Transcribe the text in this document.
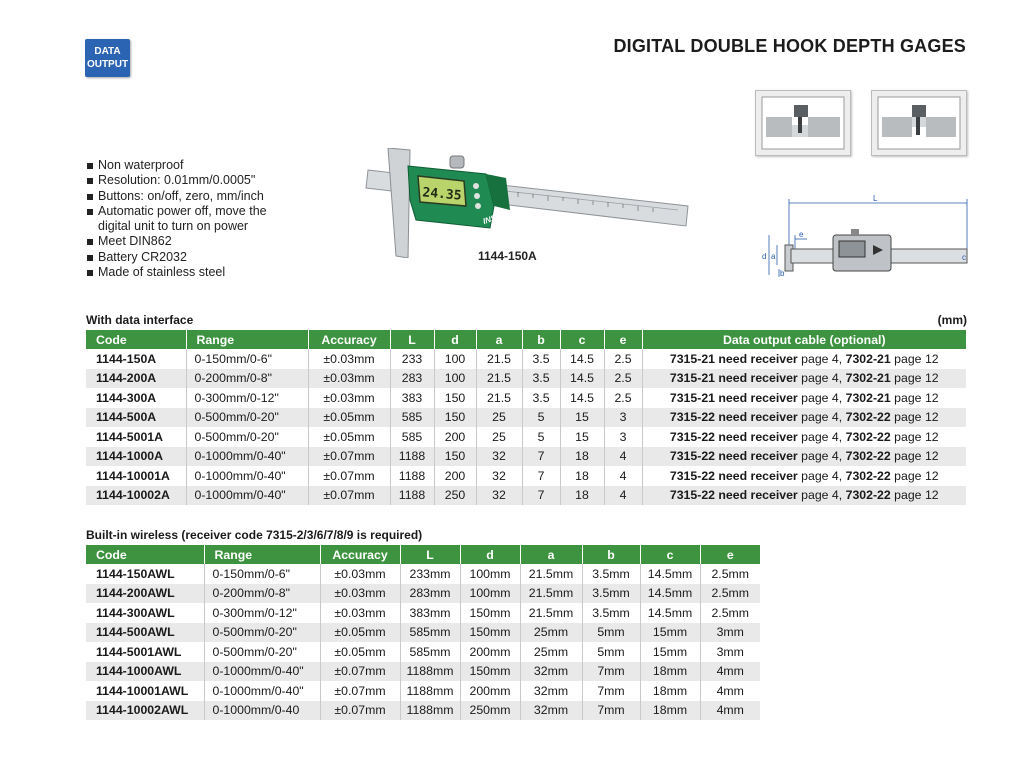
DATA
OUTPUT
DIGITAL DOUBLE HOOK DEPTH GAGES
Non waterproof
Resolution: 0.01mm/0.0005"
Buttons: on/off, zero, mm/inch
Automatic power off, move the digital unit to turn on power
Meet DIN862
Battery CR2032
Made of stainless steel
24.35
INSIZE
1144-150A
L
e
d a
b
c
With data interface	(mm)
Code	Range	Accuracy	L	d	a	b	c	e	Data output cable (optional)
1144-150A	0-150mm/0-6"	±0.03mm	233	100	21.5	3.5	14.5	2.5	7315-21 need receiver page 4, 7302-21 page 12
1144-200A	0-200mm/0-8"	±0.03mm	283	100	21.5	3.5	14.5	2.5	7315-21 need receiver page 4, 7302-21 page 12
1144-300A	0-300mm/0-12"	±0.03mm	383	150	21.5	3.5	14.5	2.5	7315-21 need receiver page 4, 7302-21 page 12
1144-500A	0-500mm/0-20"	±0.05mm	585	150	25	5	15	3	7315-22 need receiver page 4, 7302-22 page 12
1144-5001A	0-500mm/0-20"	±0.05mm	585	200	25	5	15	3	7315-22 need receiver page 4, 7302-22 page 12
1144-1000A	0-1000mm/0-40"	±0.07mm	1188	150	32	7	18	4	7315-22 need receiver page 4, 7302-22 page 12
1144-10001A	0-1000mm/0-40"	±0.07mm	1188	200	32	7	18	4	7315-22 need receiver page 4, 7302-22 page 12
1144-10002A	0-1000mm/0-40"	±0.07mm	1188	250	32	7	18	4	7315-22 need receiver page 4, 7302-22 page 12
Built-in wireless (receiver code 7315-2/3/6/7/8/9 is required)
Code	Range	Accuracy	L	d	a	b	c	e
1144-150AWL	0-150mm/0-6"	±0.03mm	233mm	100mm	21.5mm	3.5mm	14.5mm	2.5mm
1144-200AWL	0-200mm/0-8"	±0.03mm	283mm	100mm	21.5mm	3.5mm	14.5mm	2.5mm
1144-300AWL	0-300mm/0-12"	±0.03mm	383mm	150mm	21.5mm	3.5mm	14.5mm	2.5mm
1144-500AWL	0-500mm/0-20"	±0.05mm	585mm	150mm	25mm	5mm	15mm	3mm
1144-5001AWL	0-500mm/0-20"	±0.05mm	585mm	200mm	25mm	5mm	15mm	3mm
1144-1000AWL	0-1000mm/0-40"	±0.07mm	1188mm	150mm	32mm	7mm	18mm	4mm
1144-10001AWL	0-1000mm/0-40"	±0.07mm	1188mm	200mm	32mm	7mm	18mm	4mm
1144-10002AWL	0-1000mm/0-40	±0.07mm	1188mm	250mm	32mm	7mm	18mm	4mm
